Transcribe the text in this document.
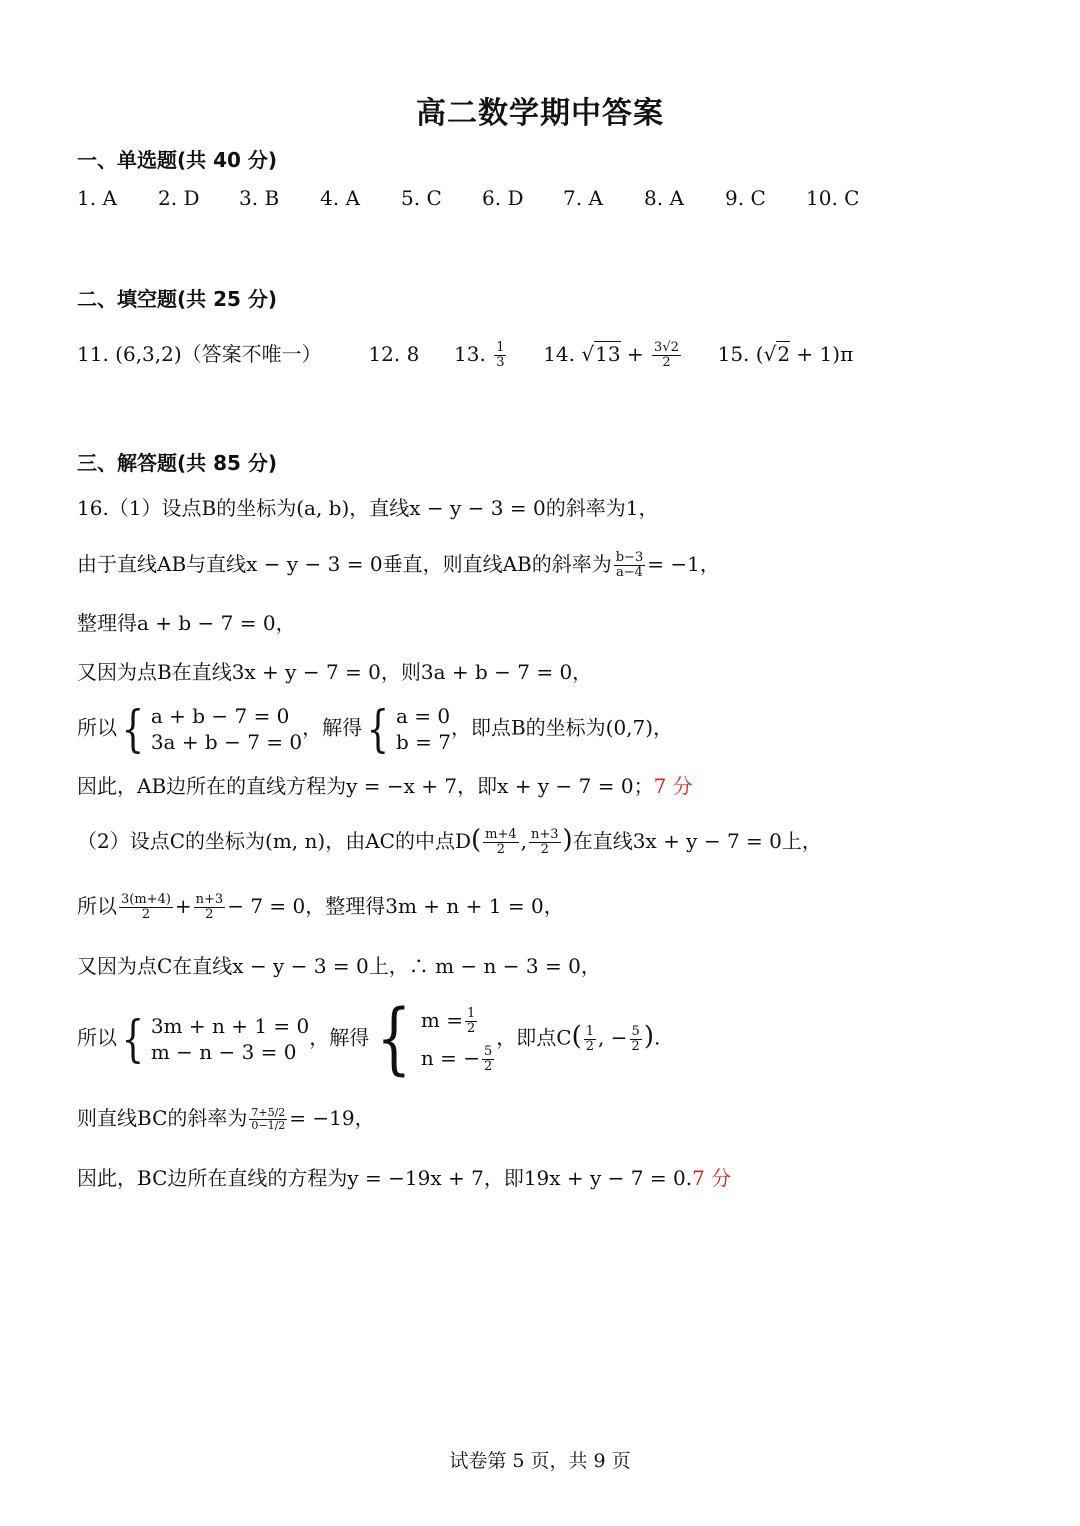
高二数学期中答案
一、单选题(共 40 分)
1. A	2. D	3. B	4. A	5. C	6. D	7. A	8. A	9. C	10. C
二、填空题(共 25 分)
11. (6,3,2)（答案不唯一） 12. 8 13. $\frac{1}{3} 14$. $√13 + \frac{3√2}{2} 15$. (√2 + 1)π
三、解答题(共 85 分)
16.（1）设点B的坐标为(a, b)，直线x − y − 3 = 0的斜率为1，
由于直线AB与直线x − y − 3 = 0垂直，则直线AB的斜率为 $\frac{b-3}{a-4} = -1$，
整理得a + b − 7 = 0，
又因为点B在直线3x + y − 7 = 0，则3a + b − 7 = 0，
所以 { a + b − 7 = 0
3a + b − 7 = 0
，解得 { a = 0
b = 7
，即点B的坐标为(0,7)，
因此，AB边所在的直线方程为y = −x + 7，即x + y − 7 = 0；7 分
（2）设点C的坐标为(m, n)，由AC的中点$D( \frac{m+4}{2}$ , $\frac{n+3}{2}$ )在直线3x + y − 7 = 0上，
所以 $\frac{3(m+4)}{2} + \frac{n+3}{2} - 7 = 0$，整理得3m + n + 1 = 0，
又因为点C在直线x − y − 3 = 0上，∴ m − n − 3 = 0，
所以 { 3m + n + 1 = 0
m − n − 3 = 0
，解得 { $m = \frac{1}{2}$
n = − $\frac{5}{2}$
，即点$C( \frac{1}{2}$ , − $\frac{5}{2}$ ).
则直线BC的斜率为 $\frac{7+5/2}{0-1/2} = -19$，
因此，BC边所在直线的方程为y = −19x + 7，即19x + y − 7 = 0.7 分
试卷第 5 页，共 9 页
